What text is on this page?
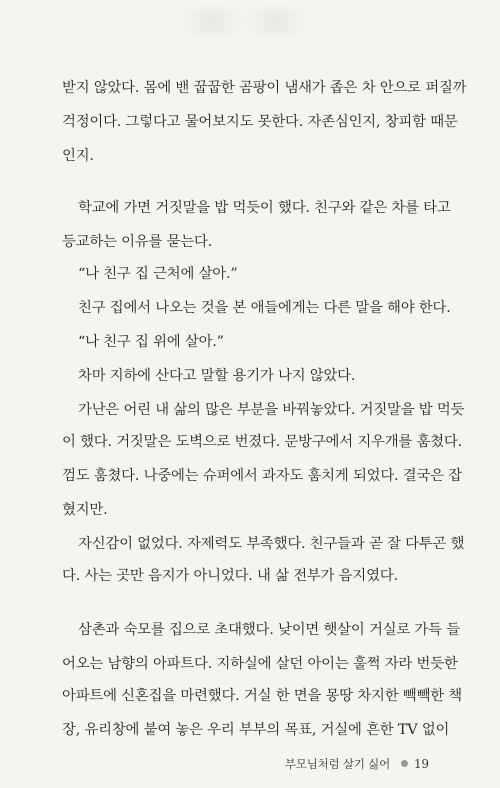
받지 않았다. 몸에 밴 꿉꿉한 곰팡이 냄새가 좁은 차 안으로 퍼질까
걱정이다. 그렇다고 물어보지도 못한다. 자존심인지, 창피함 때문
인지.
학교에 가면 거짓말을 밥 먹듯이 했다. 친구와 같은 차를 타고
등교하는 이유를 묻는다.
“나 친구 집 근처에 살아.”
친구 집에서 나오는 것을 본 애들에게는 다른 말을 해야 한다.
“나 친구 집 위에 살아.”
차마 지하에 산다고 말할 용기가 나지 않았다.
가난은 어린 내 삶의 많은 부분을 바꿔놓았다. 거짓말을 밥 먹듯
이 했다. 거짓말은 도벽으로 번졌다. 문방구에서 지우개를 훔쳤다.
껌도 훔쳤다. 나중에는 슈퍼에서 과자도 훔치게 되었다. 결국은 잡
혔지만.
자신감이 없었다. 자제력도 부족했다. 친구들과 곧 잘 다투곤 했
다. 사는 곳만 음지가 아니었다. 내 삶 전부가 음지였다.
삼촌과 숙모를 집으로 초대했다. 낮이면 햇살이 거실로 가득 들
어오는 남향의 아파트다. 지하실에 살던 아이는 훌쩍 자라 번듯한
아파트에 신혼집을 마련했다. 거실 한 면을 몽땅 차지한 빽빽한 책
장, 유리창에 붙여 놓은 우리 부부의 목표, 거실에 흔한 TV 없이
부모님처럼 살기 싫어 19
